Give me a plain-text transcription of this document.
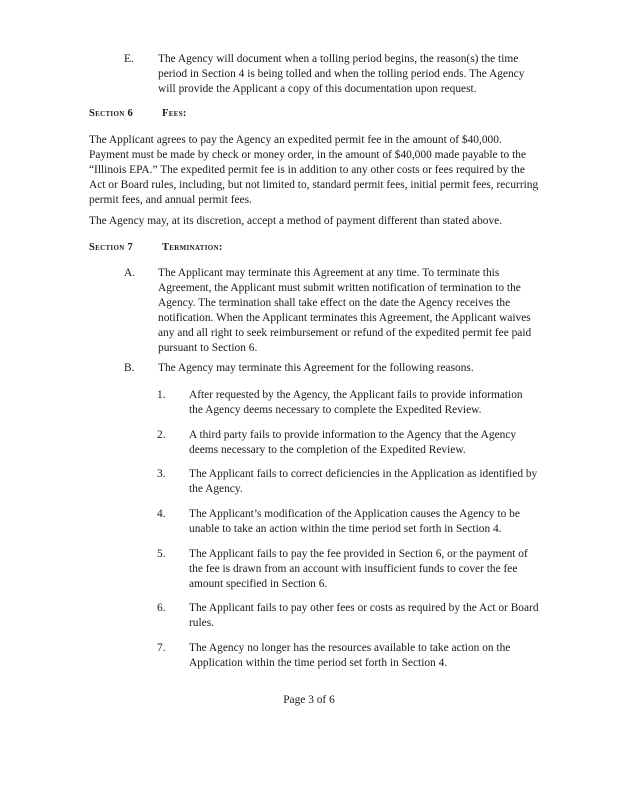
E. The Agency will document when a tolling period begins, the reason(s) the time period in Section 4 is being tolled and when the tolling period ends. The Agency will provide the Applicant a copy of this documentation upon request.

Section 6	Fees:

The Applicant agrees to pay the Agency an expedited permit fee in the amount of $40,000. Payment must be made by check or money order, in the amount of $40,000 made payable to the “Illinois EPA.” The expedited permit fee is in addition to any other costs or fees required by the Act or Board rules, including, but not limited to, standard permit fees, initial permit fees, recurring permit fees, and annual permit fees.

The Agency may, at its discretion, accept a method of payment different than stated above.

Section 7	Termination:
A. The Applicant may terminate this Agreement at any time. To terminate this Agreement, the Applicant must submit written notification of termination to the Agency. The termination shall take effect on the date the Agency receives the notification. When the Applicant terminates this Agreement, the Applicant waives any and all right to seek reimbursement or refund of the expedited permit fee paid pursuant to Section 6.

B. The Agency may terminate this Agreement for the following reasons.

1. After requested by the Agency, the Applicant fails to provide information the Agency deems necessary to complete the Expedited Review.

2. A third party fails to provide information to the Agency that the Agency deems necessary to the completion of the Expedited Review.

3. The Applicant fails to correct deficiencies in the Application as identified by the Agency.

4. The Applicant’s modification of the Application causes the Agency to be unable to take an action within the time period set forth in Section 4.

5. The Applicant fails to pay the fee provided in Section 6, or the payment of the fee is drawn from an account with insufficient funds to cover the fee amount specified in Section 6.

6. The Applicant fails to pay other fees or costs as required by the Act or Board rules.

7. The Agency no longer has the resources available to take action on the Application within the time period set forth in Section 4.

Page 3 of 6
